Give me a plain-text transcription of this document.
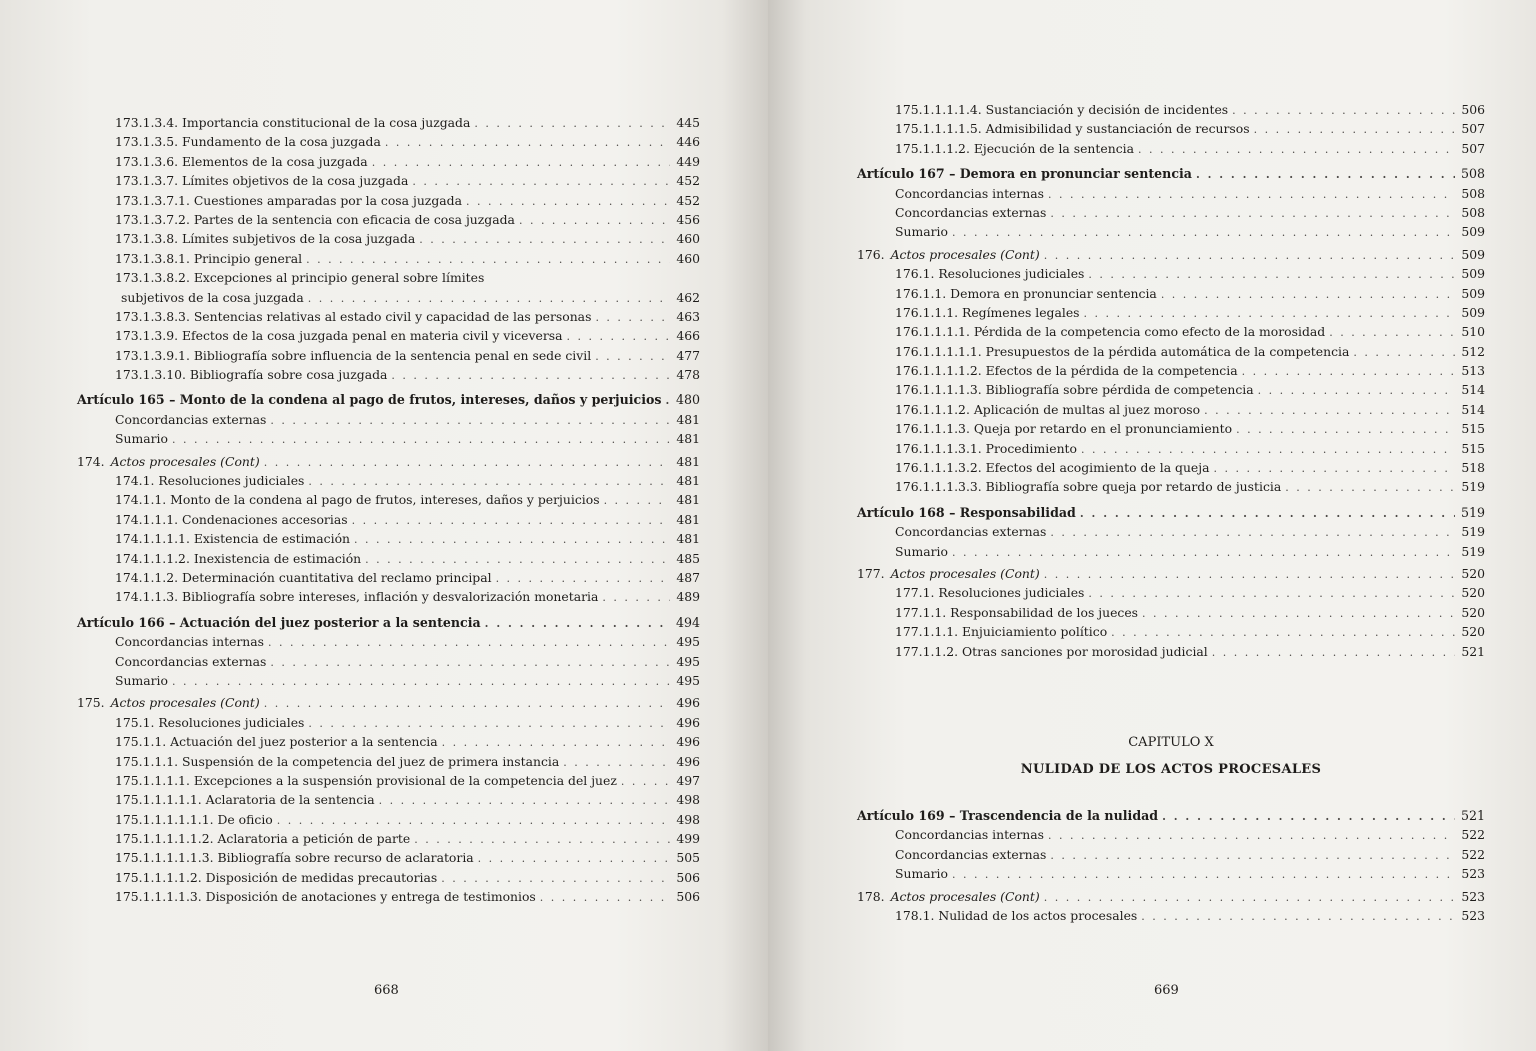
173.1.3.4. Importancia constitucional de la cosa juzgada . . .	445
173.1.3.5. Fundamento de la cosa juzgada . . .	446
173.1.3.6. Elementos de la cosa juzgada . . .	449
173.1.3.7. Límites objetivos de la cosa juzgada . . .	452
173.1.3.7.1. Cuestiones amparadas por la cosa juzgada . . .	452
173.1.3.7.2. Partes de la sentencia con eficacia de cosa juzgada . . .	456
173.1.3.8. Límites subjetivos de la cosa juzgada . . .	460
173.1.3.8.1. Principio general . . .	460
173.1.3.8.2. Excepciones al principio general sobre límites
subjetivos de la cosa juzgada . . .	462
173.1.3.8.3. Sentencias relativas al estado civil y capacidad de las personas . . .	463
173.1.3.9. Efectos de la cosa juzgada penal en materia civil y viceversa . . .	466
173.1.3.9.1. Bibliografía sobre influencia de la sentencia penal en sede civil . . .	477
173.1.3.10. Bibliografía sobre cosa juzgada . . .	478
Artículo 165 – Monto de la condena al pago de frutos, intereses, daños y perjuicios . . . 480
Concordancias externas . . .	481
Sumario . . .	481
174. Actos procesales (Cont) . . .	481
174.1. Resoluciones judiciales . . .	481
174.1.1. Monto de la condena al pago de frutos, intereses, daños y perjuicios . . .	481
174.1.1.1. Condenaciones accesorias . . .	481
174.1.1.1.1. Existencia de estimación . . .	481
174.1.1.1.2. Inexistencia de estimación . . .	485
174.1.1.2. Determinación cuantitativa del reclamo principal . . .	487
174.1.1.3. Bibliografía sobre intereses, inflación y desvalorización monetaria . . .	489
Artículo 166 – Actuación del juez posterior a la sentencia . . .	494
Concordancias internas . . .	495
Concordancias externas . . .	495
Sumario . . .	495
175. Actos procesales (Cont) . . .	496
175.1. Resoluciones judiciales . . .	496
175.1.1. Actuación del juez posterior a la sentencia . . .	496
175.1.1.1. Suspensión de la competencia del juez de primera instancia . . .	496
175.1.1.1.1. Excepciones a la suspensión provisional de la competencia del juez . . .	497
175.1.1.1.1.1. Aclaratoria de la sentencia . . .	498
175.1.1.1.1.1.1. De oficio . . .	498
175.1.1.1.1.1.2. Aclaratoria a petición de parte . . .	499
175.1.1.1.1.1.3. Bibliografía sobre recurso de aclaratoria . . .	505
175.1.1.1.1.2. Disposición de medidas precautorias . . .	506
175.1.1.1.1.3. Disposición de anotaciones y entrega de testimonios . . .	506
668
175.1.1.1.1.4. Sustanciación y decisión de incidentes . . .	506
175.1.1.1.1.5. Admisibilidad y sustanciación de recursos . . .	507
175.1.1.1.2. Ejecución de la sentencia . . .	507
Artículo 167 – Demora en pronunciar sentencia . . .	508
Concordancias internas . . .	508
Concordancias externas . . .	508
Sumario . . .	509
176. Actos procesales (Cont) . . .	509
176.1. Resoluciones judiciales . . .	509
176.1.1. Demora en pronunciar sentencia . . .	509
176.1.1.1. Regímenes legales . . .	509
176.1.1.1.1. Pérdida de la competencia como efecto de la morosidad . . .	510
176.1.1.1.1.1. Presupuestos de la pérdida automática de la competencia . . .	512
176.1.1.1.1.2. Efectos de la pérdida de la competencia . . .	513
176.1.1.1.1.3. Bibliografía sobre pérdida de competencia . . .	514
176.1.1.1.2. Aplicación de multas al juez moroso . . .	514
176.1.1.1.3. Queja por retardo en el pronunciamiento . . .	515
176.1.1.1.3.1. Procedimiento . . .	515
176.1.1.1.3.2. Efectos del acogimiento de la queja . . .	518
176.1.1.1.3.3. Bibliografía sobre queja por retardo de justicia . . .	519
Artículo 168 – Responsabilidad . . .	519
Concordancias externas . . .	519
Sumario . . .	519
177. Actos procesales (Cont) . . .	520
177.1. Resoluciones judiciales . . .	520
177.1.1. Responsabilidad de los jueces . . .	520
177.1.1.1. Enjuiciamiento político . . .	520
177.1.1.2. Otras sanciones por morosidad judicial . . .	521
CAPITULO X
NULIDAD DE LOS ACTOS PROCESALES
Artículo 169 – Trascendencia de la nulidad . . .	521
Concordancias internas . . .	522
Concordancias externas . . .	522
Sumario . . .	523
178. Actos procesales (Cont) . . .	523
178.1. Nulidad de los actos procesales . . .	523
669
